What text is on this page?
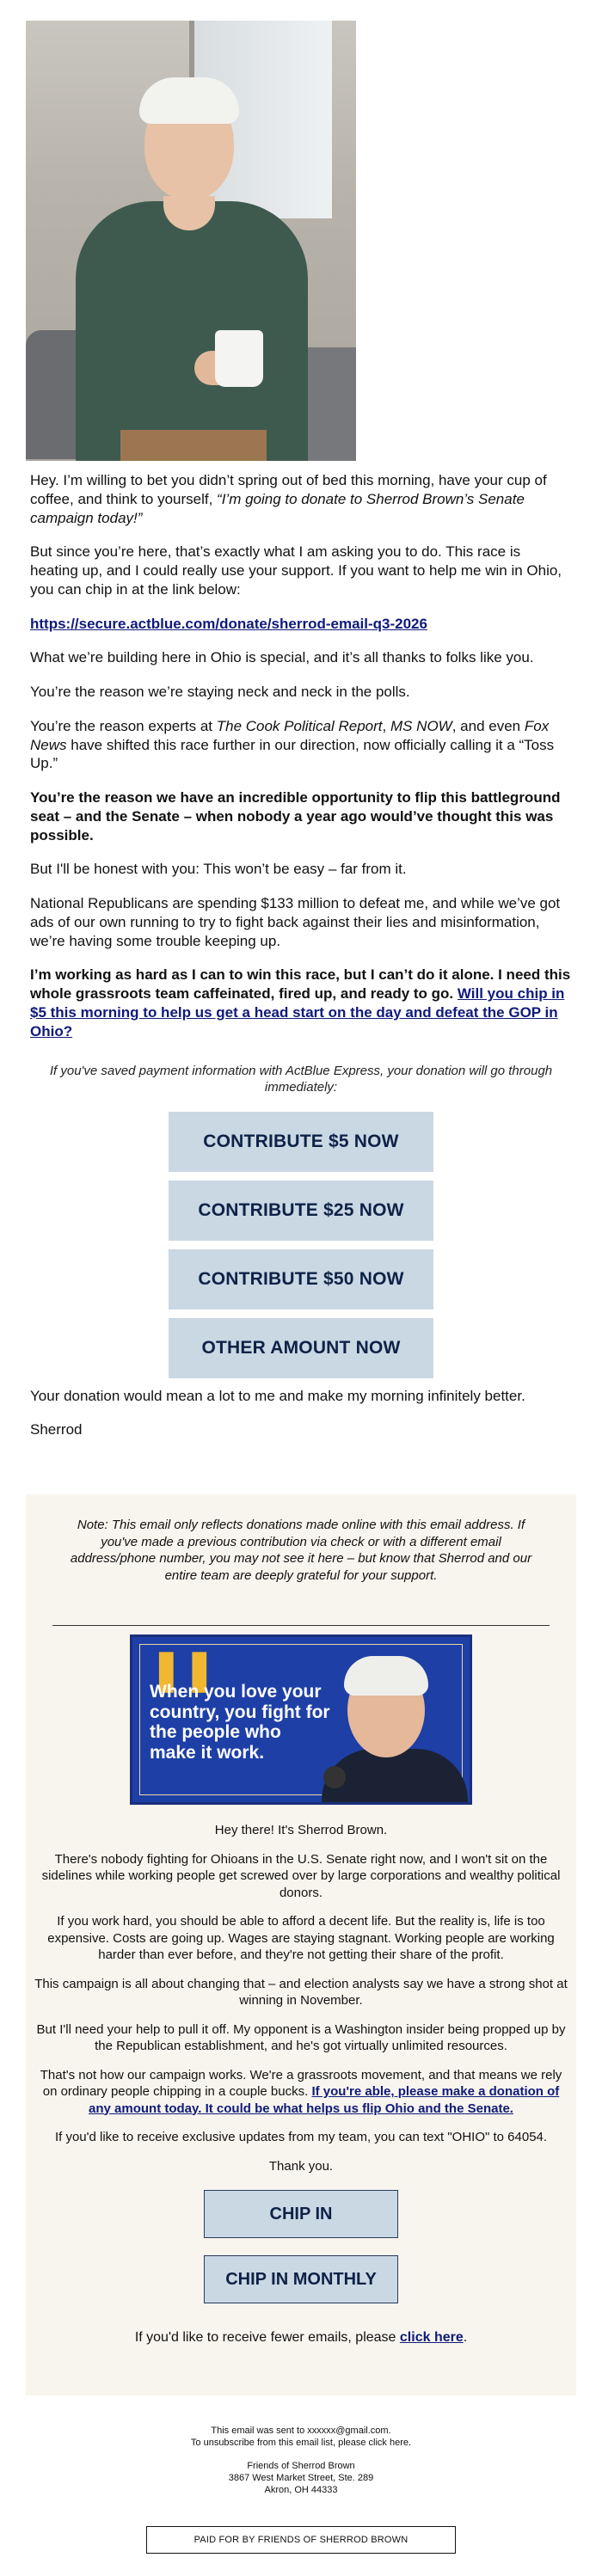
Hey. I’m willing to bet you didn’t spring out of bed this morning, have your cup of coffee, and think to yourself, “I’m going to donate to Sherrod Brown’s Senate campaign today!”

But since you’re here, that’s exactly what I am asking you to do. This race is heating up, and I could really use your support. If you want to help me win in Ohio, you can chip in at the link below:

https://secure.actblue.com/donate/sherrod-email-q3-2026

What we’re building here in Ohio is special, and it’s all thanks to folks like you.

You’re the reason we’re staying neck and neck in the polls.

You’re the reason experts at The Cook Political Report, MS NOW, and even Fox News have shifted this race further in our direction, now officially calling it a “Toss Up.”

You’re the reason we have an incredible opportunity to flip this battleground seat – and the Senate – when nobody a year ago would’ve thought this was possible.

But I'll be honest with you: This won’t be easy – far from it.

National Republicans are spending $133 million to defeat me, and while we’ve got ads of our own running to try to fight back against their lies and misinformation, we’re having some trouble keeping up.

I’m working as hard as I can to win this race, but I can’t do it alone. I need this whole grassroots team caffeinated, fired up, and ready to go. Will you chip in $5 this morning to help us get a head start on the day and defeat the GOP in Ohio?

If you've saved payment information with ActBlue Express, your donation will go through immediately:
CONTRIBUTE $5 NOW
CONTRIBUTE $25 NOW
CONTRIBUTE $50 NOW
OTHER AMOUNT NOW

Your donation would mean a lot to me and make my morning infinitely better.

Sherrod

Note: This email only reflects donations made online with this email address. If you've made a previous contribution via check or with a different email address/phone number, you may not see it here – but know that Sherrod and our entire team are deeply grateful for your support.
❚❚
When you love your country, you fight for the people who make it work.

Hey there! It's Sherrod Brown.

There's nobody fighting for Ohioans in the U.S. Senate right now, and I won't sit on the sidelines while working people get screwed over by large corporations and wealthy political donors.

If you work hard, you should be able to afford a decent life. But the reality is, life is too expensive. Costs are going up. Wages are staying stagnant. Working people are working harder than ever before, and they're not getting their share of the profit.

This campaign is all about changing that – and election analysts say we have a strong shot at winning in November.

But I'll need your help to pull it off. My opponent is a Washington insider being propped up by the Republican establishment, and he's got virtually unlimited resources.

That's not how our campaign works. We're a grassroots movement, and that means we rely on ordinary people chipping in a couple bucks. If you're able, please make a donation of any amount today. It could be what helps us flip Ohio and the Senate.

If you'd like to receive exclusive updates from my team, you can text "OHIO" to 64054.

Thank you.

CHIP IN
CHIP IN MONTHLY
If you'd like to receive fewer emails, please click here.

This email was sent to xxxxxx@gmail.com.

To unsubscribe from this email list, please click here.

Friends of Sherrod Brown

3867 West Market Street, Ste. 289

Akron, OH 44333

PAID FOR BY FRIENDS OF SHERROD BROWN
